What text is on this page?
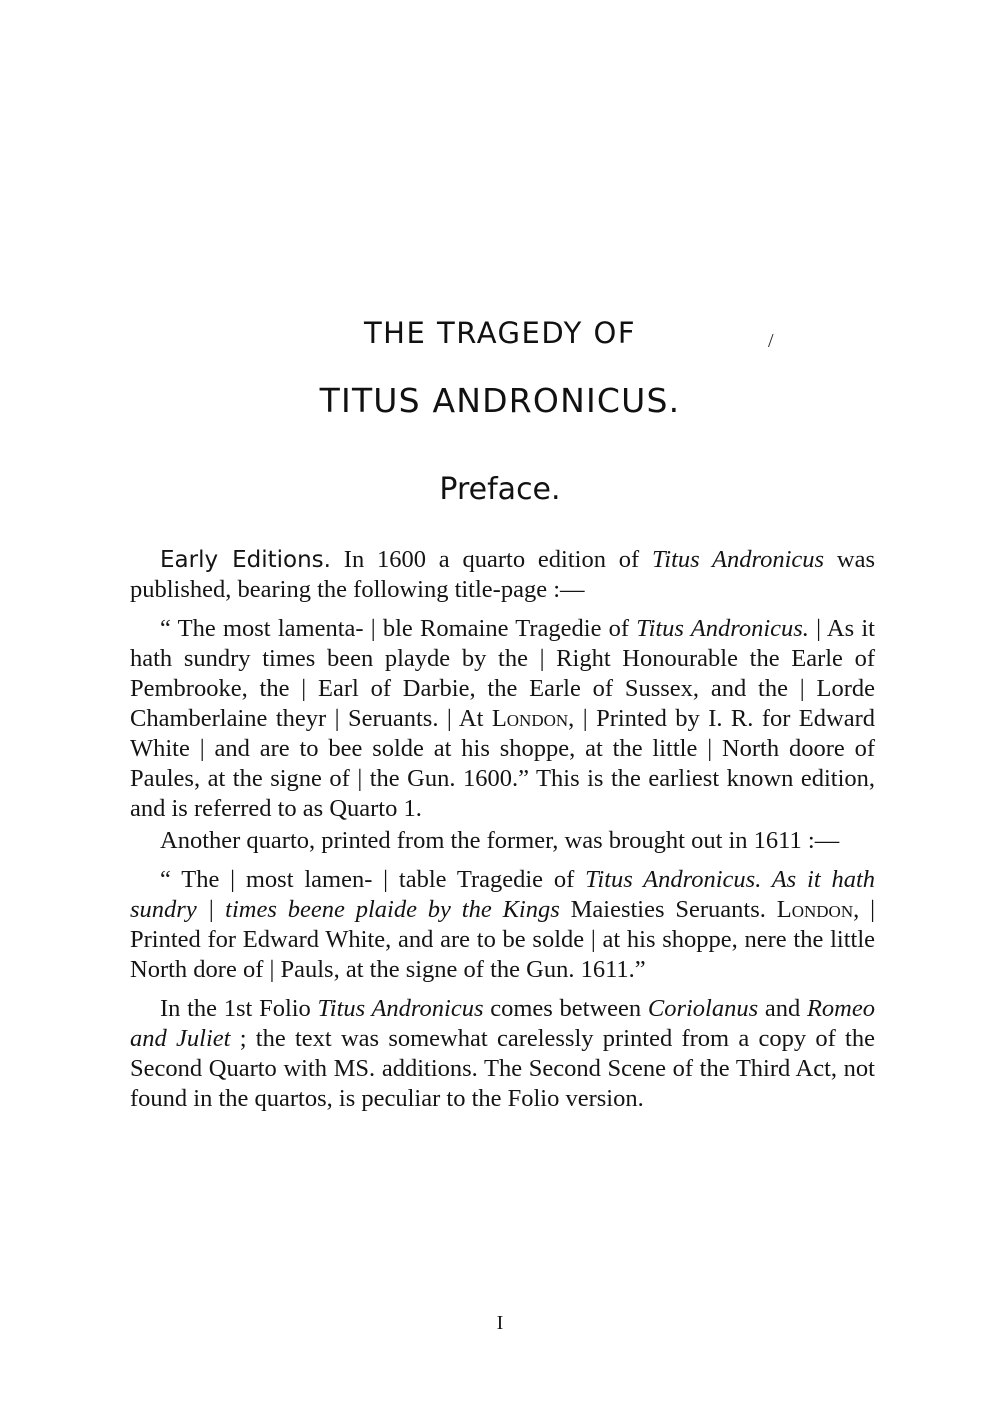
THE TRAGEDY OF	/
TITUS ANDRONICUS.
Preface.

Early Editions. In 1600 a quarto edition of Titus Andronicus was published, bearing the following title-page :—

“ The most lamenta- | ble Romaine Tragedie of Titus Andronicus. | As it hath sundry times been playde by the | Right Honourable the Earle of Pembrooke, the | Earl of Darbie, the Earle of Sussex, and the | Lorde Chamberlaine theyr | Seruants. | At London, | Printed by I. R. for Edward White | and are to bee solde at his shoppe, at the little | North doore of Paules, at the signe of | the Gun. 1600.” This is the earliest known edition, and is referred to as Quarto 1.

Another quarto, printed from the former, was brought out in 1611 :—

“ The | most lamen- | table Tragedie of Titus Andronicus. As it hath sundry | times beene plaide by the Kings Maiesties Seruants. London, | Printed for Edward White, and are to be solde | at his shoppe, nere the little North dore of | Pauls, at the signe of the Gun. 1611.”

In the 1st Folio Titus Andronicus comes between Coriolanus and Romeo and Juliet ; the text was somewhat carelessly printed from a copy of the Second Quarto with MS. additions. The Second Scene of the Third Act, not found in the quartos, is peculiar to the Folio version.

I
